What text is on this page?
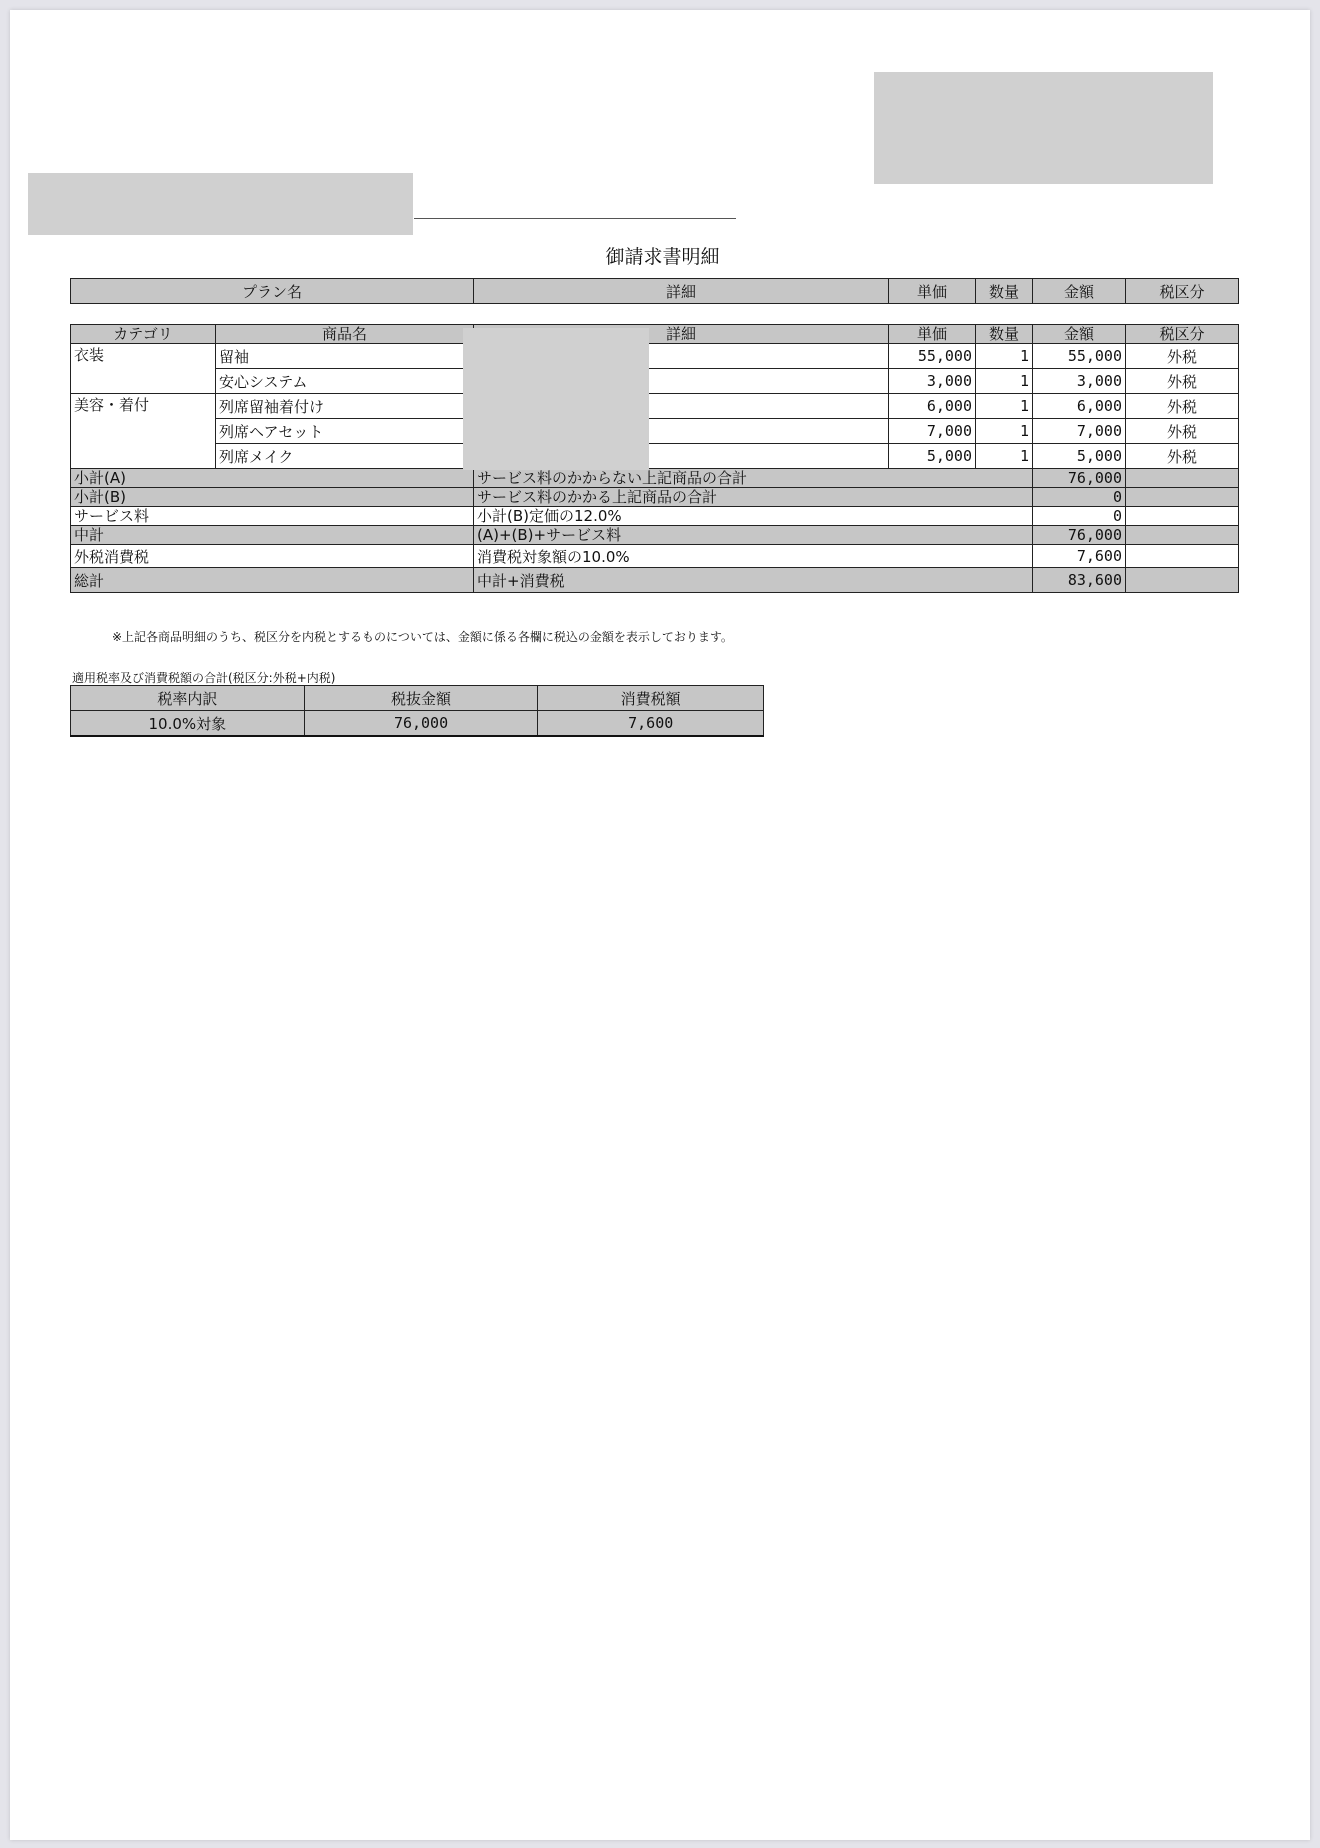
御請求書明細
プラン名	詳細	単価	数量	金額	税区分
カテゴリ	商品名	詳細	単価	数量	金額	税区分
衣装	留袖		55,000	1	55,000	外税
	安心システム		3,000	1	3,000	外税
美容・着付	列席留袖着付け		6,000	1	6,000	外税
	列席ヘアセット		7,000	1	7,000	外税
	列席メイク		5,000	1	5,000	外税
小計(A)		サービス料のかからない上記商品の合計			76,000	
小計(B)		サービス料のかかる上記商品の合計			0	
サービス料		小計(B)定価の12.0%			0	
中計		(A)+(B)+サービス料			76,000	
外税消費税		消費税対象額の10.0%			7,600	
総計		中計+消費税			83,600	
※上記各商品明細のうち、税区分を内税とするものについては、金額に係る各欄に税込の金額を表示しております。
適用税率及び消費税額の合計(税区分:外税+内税)
税率内訳	税抜金額	消費税額
10.0%対象	76,000	7,600
